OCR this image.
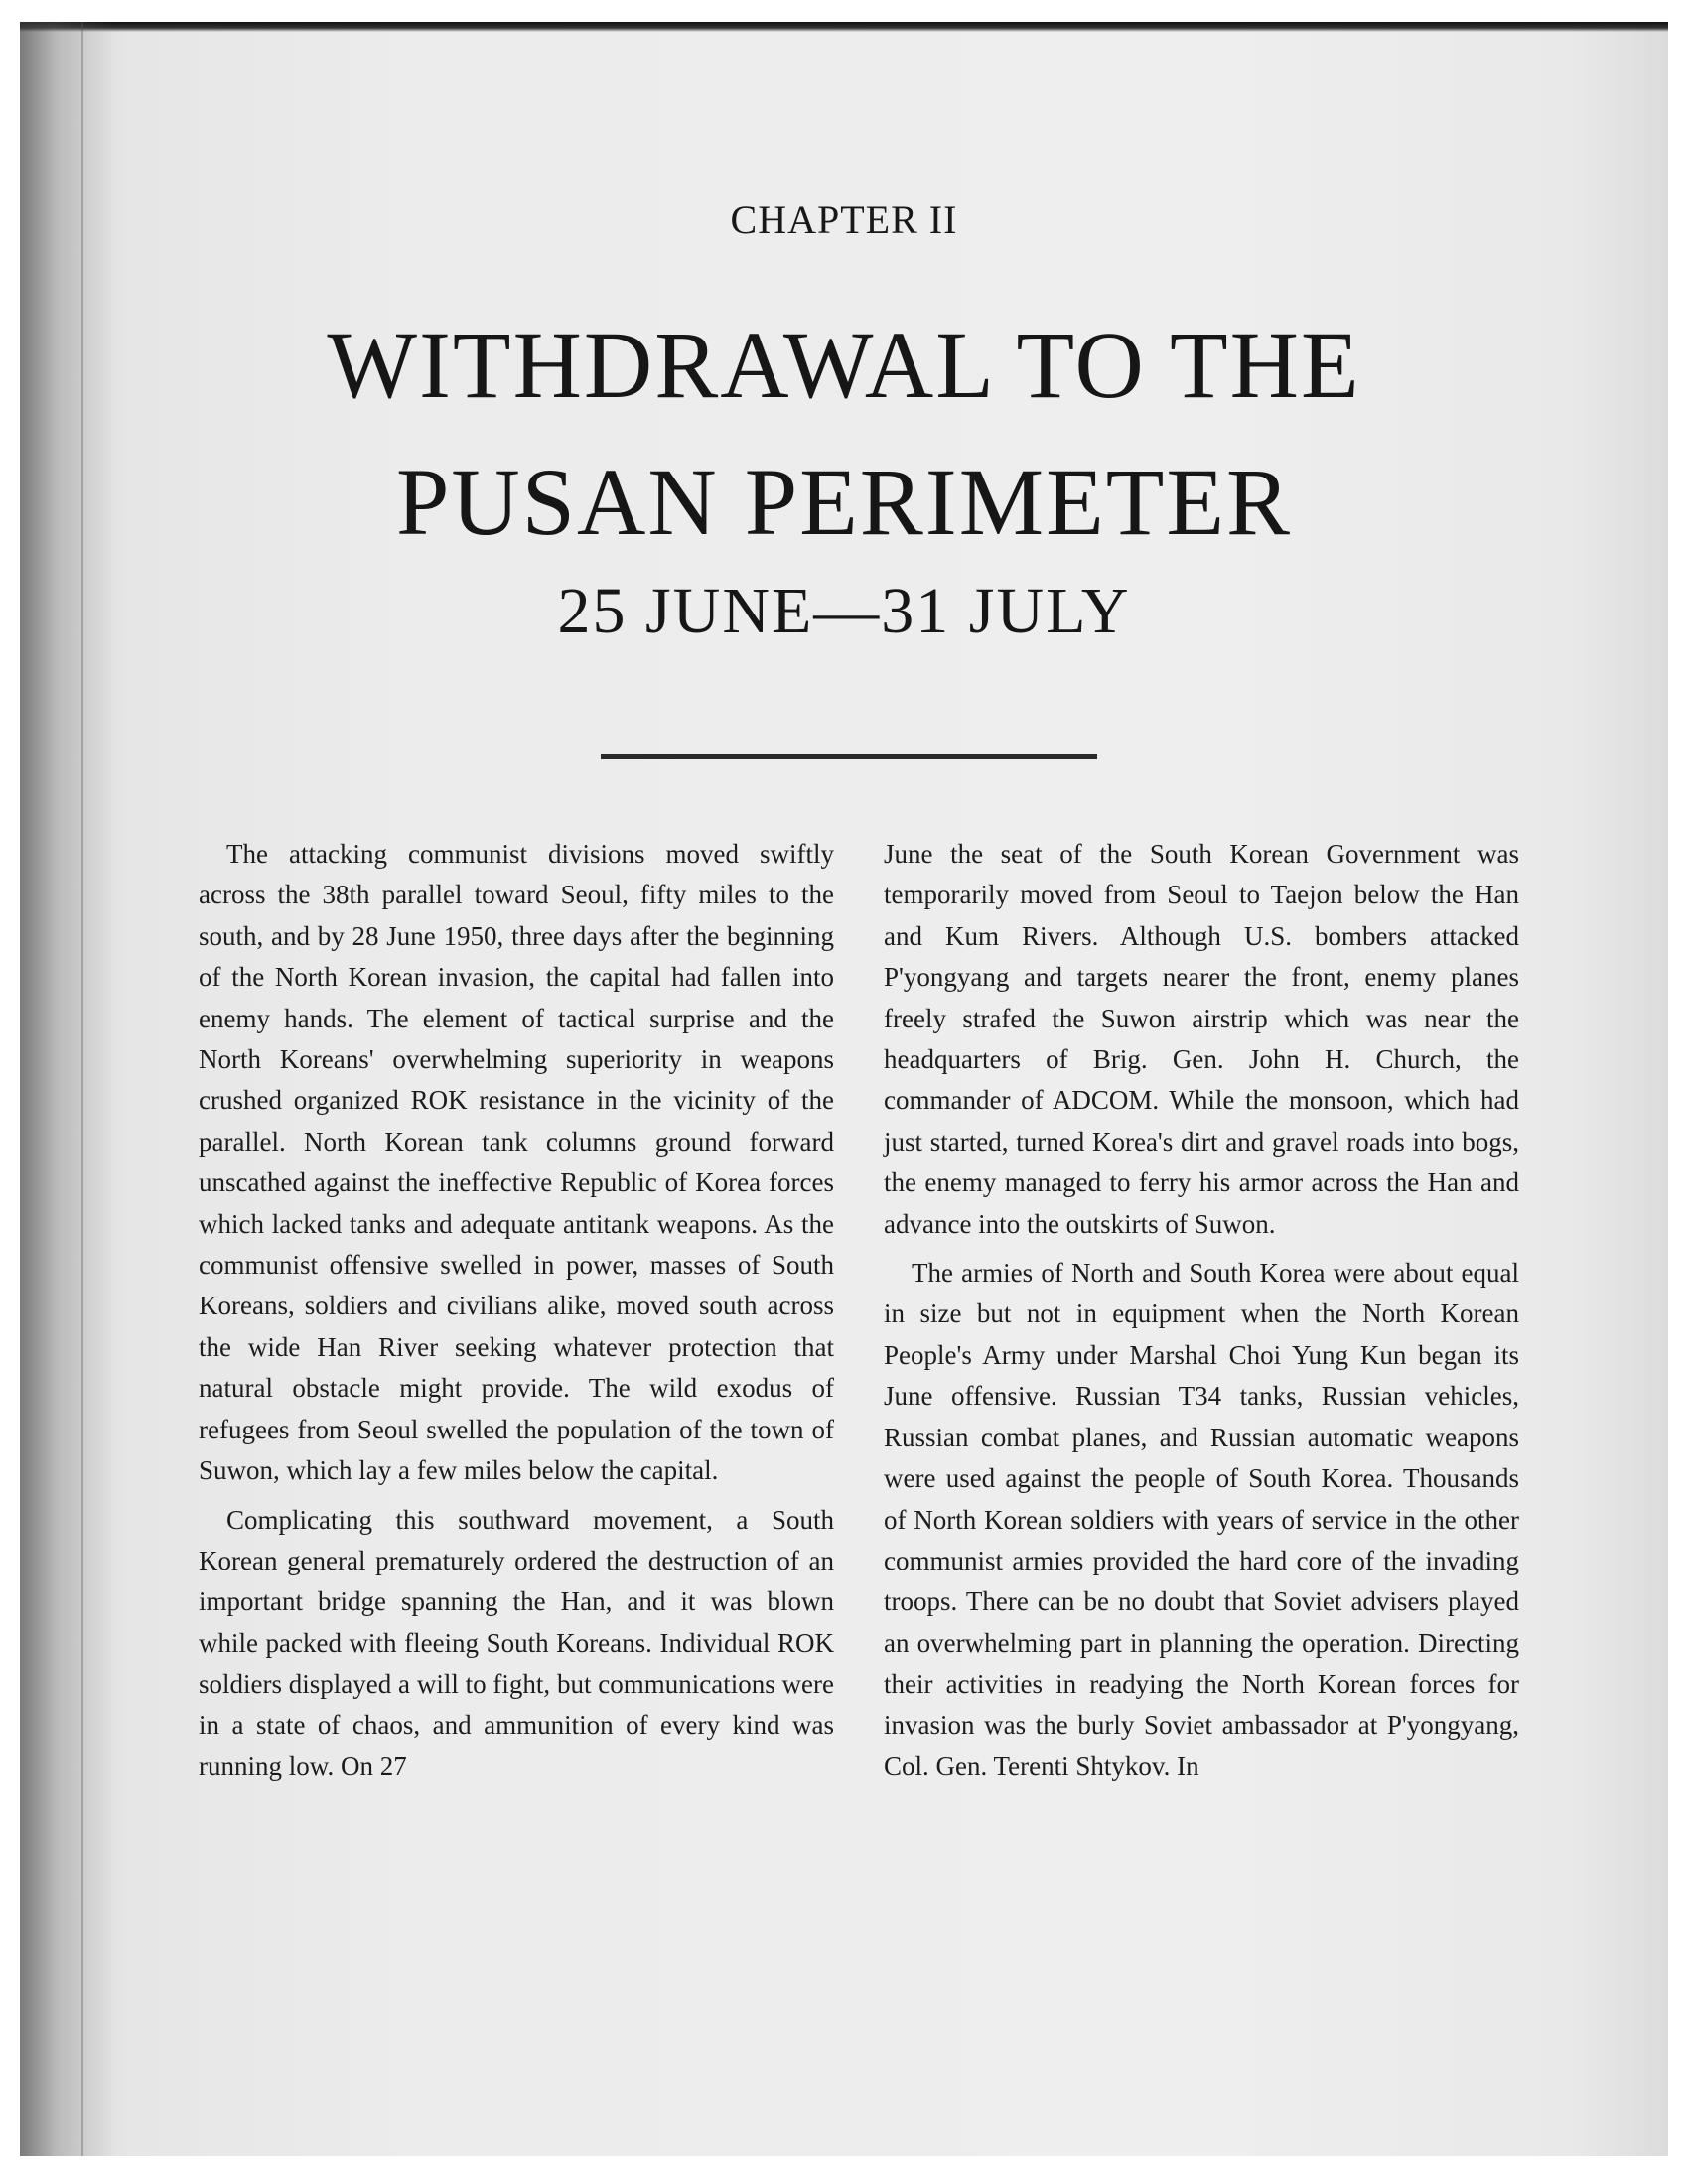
CHAPTER II
WITHDRAWAL TO THE
PUSAN PERIMETER
25 JUNE—31 JULY

The attacking communist divisions moved swiftly across the 38th parallel toward Seoul, fifty miles to the south, and by 28 June 1950, three days after the beginning of the North Korean invasion, the capital had fallen into enemy hands. The element of tactical surprise and the North Koreans' overwhelming superiority in weapons crushed organized ROK resistance in the vicinity of the parallel. North Korean tank columns ground forward unscathed against the ineffective Republic of Korea forces which lacked tanks and adequate antitank weapons. As the communist offensive swelled in power, masses of South Koreans, soldiers and civilians alike, moved south across the wide Han River seeking whatever protection that natural obstacle might provide. The wild exodus of refugees from Seoul swelled the population of the town of Suwon, which lay a few miles below the capital.

Complicating this southward movement, a South Korean general prematurely ordered the destruction of an important bridge spanning the Han, and it was blown while packed with fleeing South Koreans. Individual ROK soldiers displayed a will to fight, but communications were in a state of chaos, and ammunition of every kind was running low. On 27

June the seat of the South Korean Government was temporarily moved from Seoul to Taejon below the Han and Kum Rivers. Although U.S. bombers attacked P'yongyang and targets nearer the front, enemy planes freely strafed the Suwon airstrip which was near the headquarters of Brig. Gen. John H. Church, the commander of ADCOM. While the monsoon, which had just started, turned Korea's dirt and gravel roads into bogs, the enemy managed to ferry his armor across the Han and advance into the outskirts of Suwon.

The armies of North and South Korea were about equal in size but not in equipment when the North Korean People's Army under Marshal Choi Yung Kun began its June offensive. Russian T34 tanks, Russian vehicles, Russian combat planes, and Russian automatic weapons were used against the people of South Korea. Thousands of North Korean soldiers with years of service in the other communist armies provided the hard core of the invading troops. There can be no doubt that Soviet advisers played an overwhelming part in planning the operation. Directing their activities in readying the North Korean forces for invasion was the burly Soviet ambassador at P'yongyang, Col. Gen. Terenti Shtykov. In
